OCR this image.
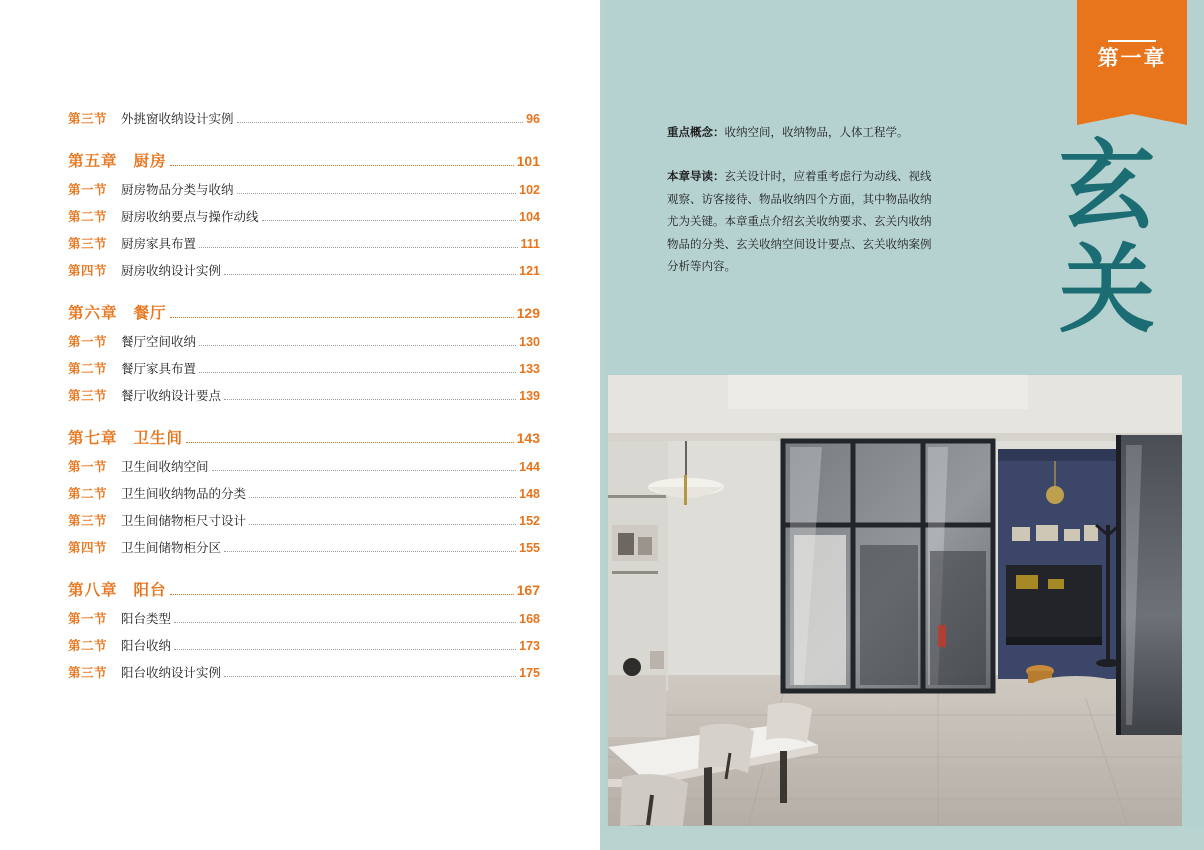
第三节 外挑窗收纳设计实例	96
第五章 厨房	101
第一节 厨房物品分类与收纳	102
第二节 厨房收纳要点与操作动线	104
第三节 厨房家具布置	111
第四节 厨房收纳设计实例	121
第六章 餐厅	129
第一节 餐厅空间收纳	130
第二节 餐厅家具布置	133
第三节 餐厅收纳设计要点	139
第七章 卫生间	143
第一节 卫生间收纳空间	144
第二节 卫生间收纳物品的分类	148
第三节 卫生间储物柜尺寸设计	152
第四节 卫生间储物柜分区	155
第八章 阳台	167
第一节 阳台类型	168
第二节 阳台收纳	173
第三节 阳台收纳设计实例	175
第一章
玄关

重点概念：收纳空间，收纳物品，人体工程学。

本章导读：玄关设计时，应着重考虑行为动线、视线观察、访客接待、物品收纳四个方面，其中物品收纳尤为关键。本章重点介绍玄关收纳要求、玄关内收纳物品的分类、玄关收纳空间设计要点、玄关收纳案例分析等内容。
